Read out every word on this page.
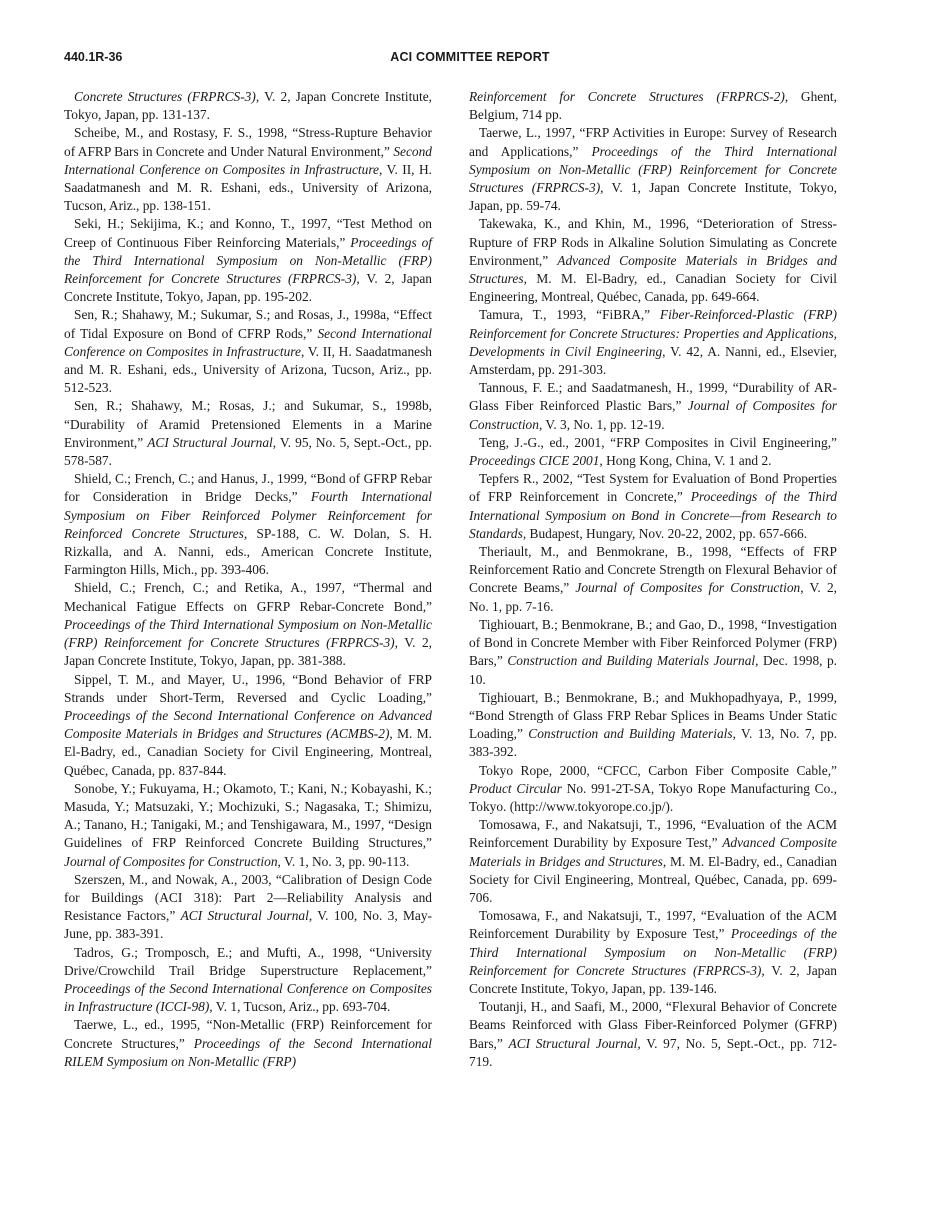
440.1R-36	ACI COMMITTEE REPORT

Concrete Structures (FRPRCS-3), V. 2, Japan Concrete Institute, Tokyo, Japan, pp. 131-137.

Scheibe, M., and Rostasy, F. S., 1998, “Stress-Rupture Behavior of AFRP Bars in Concrete and Under Natural Environment,” Second International Conference on Composites in Infrastructure, V. II, H. Saadatmanesh and M. R. Eshani, eds., University of Arizona, Tucson, Ariz., pp. 138-151.

Seki, H.; Sekijima, K.; and Konno, T., 1997, “Test Method on Creep of Continuous Fiber Reinforcing Materials,” Proceedings of the Third International Symposium on Non-Metallic (FRP) Reinforcement for Concrete Structures (FRPRCS-3), V. 2, Japan Concrete Institute, Tokyo, Japan, pp. 195-202.

Sen, R.; Shahawy, M.; Sukumar, S.; and Rosas, J., 1998a, “Effect of Tidal Exposure on Bond of CFRP Rods,” Second International Conference on Composites in Infrastructure, V. II, H. Saadatmanesh and M. R. Eshani, eds., University of Arizona, Tucson, Ariz., pp. 512-523.

Sen, R.; Shahawy, M.; Rosas, J.; and Sukumar, S., 1998b, “Durability of Aramid Pretensioned Elements in a Marine Environment,” ACI Structural Journal, V. 95, No. 5, Sept.-Oct., pp. 578-587.

Shield, C.; French, C.; and Hanus, J., 1999, “Bond of GFRP Rebar for Consideration in Bridge Decks,” Fourth International Symposium on Fiber Reinforced Polymer Reinforcement for Reinforced Concrete Structures, SP-188, C. W. Dolan, S. H. Rizkalla, and A. Nanni, eds., American Concrete Institute, Farmington Hills, Mich., pp. 393-406.

Shield, C.; French, C.; and Retika, A., 1997, “Thermal and Mechanical Fatigue Effects on GFRP Rebar-Concrete Bond,” Proceedings of the Third International Symposium on Non-Metallic (FRP) Reinforcement for Concrete Structures (FRPRCS-3), V. 2, Japan Concrete Institute, Tokyo, Japan, pp. 381-388.

Sippel, T. M., and Mayer, U., 1996, “Bond Behavior of FRP Strands under Short-Term, Reversed and Cyclic Loading,” Proceedings of the Second International Conference on Advanced Composite Materials in Bridges and Structures (ACMBS-2), M. M. El-Badry, ed., Canadian Society for Civil Engineering, Montreal, Québec, Canada, pp. 837-844.

Sonobe, Y.; Fukuyama, H.; Okamoto, T.; Kani, N.; Kobayashi, K.; Masuda, Y.; Matsuzaki, Y.; Mochizuki, S.; Nagasaka, T.; Shimizu, A.; Tanano, H.; Tanigaki, M.; and Tenshigawara, M., 1997, “Design Guidelines of FRP Reinforced Concrete Building Structures,” Journal of Composites for Construction, V. 1, No. 3, pp. 90-113.

Szerszen, M., and Nowak, A., 2003, “Calibration of Design Code for Buildings (ACI 318): Part 2—Reliability Analysis and Resistance Factors,” ACI Structural Journal, V. 100, No. 3, May-June, pp. 383-391.

Tadros, G.; Tromposch, E.; and Mufti, A., 1998, “University Drive/Crowchild Trail Bridge Superstructure Replacement,” Proceedings of the Second International Conference on Composites in Infrastructure (ICCI-98), V. 1, Tucson, Ariz., pp. 693-704.

Taerwe, L., ed., 1995, “Non-Metallic (FRP) Reinforcement for Concrete Structures,” Proceedings of the Second International RILEM Symposium on Non-Metallic (FRP)

Reinforcement for Concrete Structures (FRPRCS-2), Ghent, Belgium, 714 pp.

Taerwe, L., 1997, “FRP Activities in Europe: Survey of Research and Applications,” Proceedings of the Third International Symposium on Non-Metallic (FRP) Reinforcement for Concrete Structures (FRPRCS-3), V. 1, Japan Concrete Institute, Tokyo, Japan, pp. 59-74.

Takewaka, K., and Khin, M., 1996, “Deterioration of Stress-Rupture of FRP Rods in Alkaline Solution Simulating as Concrete Environment,” Advanced Composite Materials in Bridges and Structures, M. M. El-Badry, ed., Canadian Society for Civil Engineering, Montreal, Québec, Canada, pp. 649-664.

Tamura, T., 1993, “FiBRA,” Fiber-Reinforced-Plastic (FRP) Reinforcement for Concrete Structures: Properties and Applications, Developments in Civil Engineering, V. 42, A. Nanni, ed., Elsevier, Amsterdam, pp. 291-303.

Tannous, F. E.; and Saadatmanesh, H., 1999, “Durability of AR-Glass Fiber Reinforced Plastic Bars,” Journal of Composites for Construction, V. 3, No. 1, pp. 12-19.

Teng, J.-G., ed., 2001, “FRP Composites in Civil Engineering,” Proceedings CICE 2001, Hong Kong, China, V. 1 and 2.

Tepfers R., 2002, “Test System for Evaluation of Bond Properties of FRP Reinforcement in Concrete,” Proceedings of the Third International Symposium on Bond in Concrete—from Research to Standards, Budapest, Hungary, Nov. 20-22, 2002, pp. 657-666.

Theriault, M., and Benmokrane, B., 1998, “Effects of FRP Reinforcement Ratio and Concrete Strength on Flexural Behavior of Concrete Beams,” Journal of Composites for Construction, V. 2, No. 1, pp. 7-16.

Tighiouart, B.; Benmokrane, B.; and Gao, D., 1998, “Investigation of Bond in Concrete Member with Fiber Reinforced Polymer (FRP) Bars,” Construction and Building Materials Journal, Dec. 1998, p. 10.

Tighiouart, B.; Benmokrane, B.; and Mukhopadhyaya, P., 1999, “Bond Strength of Glass FRP Rebar Splices in Beams Under Static Loading,” Construction and Building Materials, V. 13, No. 7, pp. 383-392.

Tokyo Rope, 2000, “CFCC, Carbon Fiber Composite Cable,” Product Circular No. 991-2T-SA, Tokyo Rope Manufacturing Co., Tokyo. (http://www.tokyorope.co.jp/).

Tomosawa, F., and Nakatsuji, T., 1996, “Evaluation of the ACM Reinforcement Durability by Exposure Test,” Advanced Composite Materials in Bridges and Structures, M. M. El-Badry, ed., Canadian Society for Civil Engineering, Montreal, Québec, Canada, pp. 699-706.

Tomosawa, F., and Nakatsuji, T., 1997, “Evaluation of the ACM Reinforcement Durability by Exposure Test,” Proceedings of the Third International Symposium on Non-Metallic (FRP) Reinforcement for Concrete Structures (FRPRCS-3), V. 2, Japan Concrete Institute, Tokyo, Japan, pp. 139-146.

Toutanji, H., and Saafi, M., 2000, “Flexural Behavior of Concrete Beams Reinforced with Glass Fiber-Reinforced Polymer (GFRP) Bars,” ACI Structural Journal, V. 97, No. 5, Sept.-Oct., pp. 712-719.
